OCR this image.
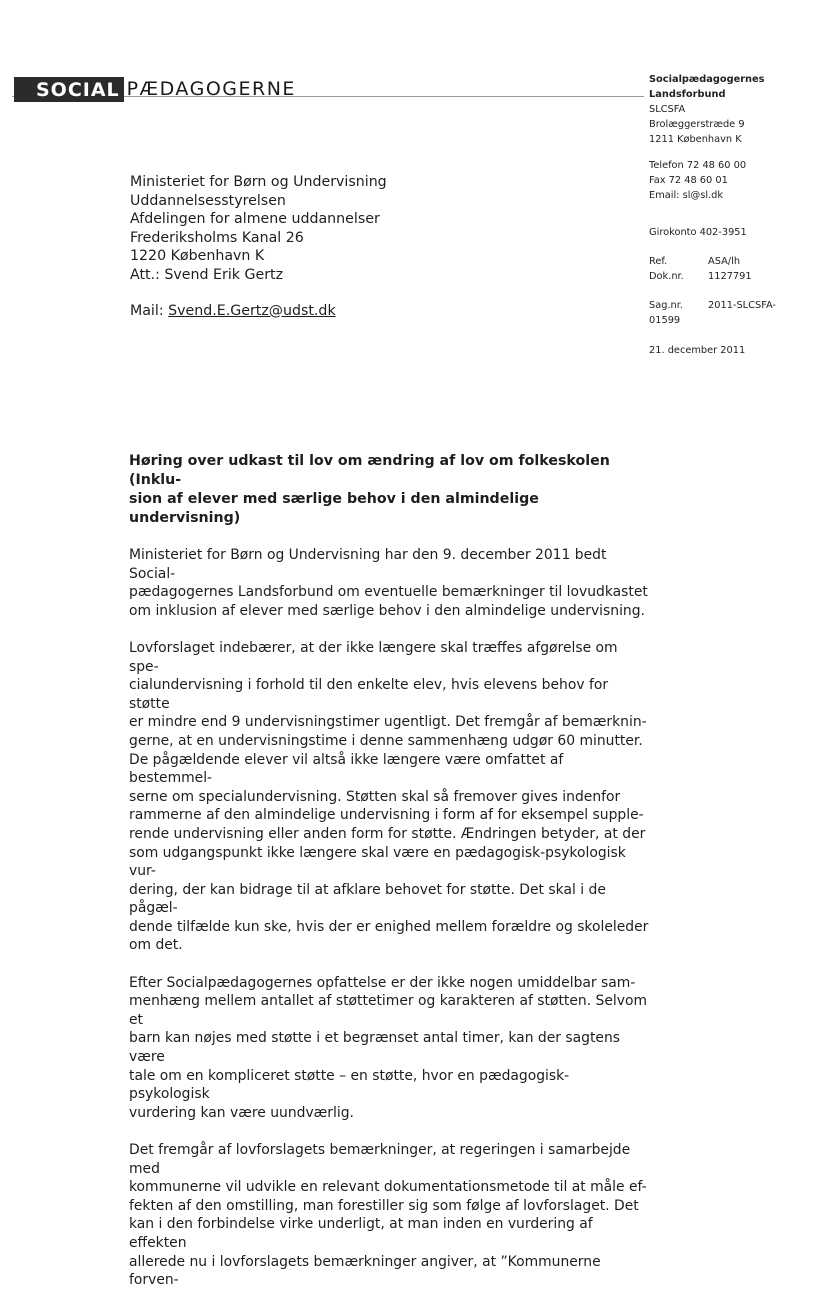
SOCIAL PÆDAGOGERNE	Socialpædagogernes
Landsforbund
SLCSFA
Brolæggerstræde 9
1211 København K
Telefon 72 48 60 00
Fax 72 48 60 01
Email: sl@sl.dk
Girokonto 402-3951
Ref.	ASA/lh
Dok.nr.	1127791
Sag.nr.	2011-SLCSFA-
01599
21. december 2011
Ministeriet for Børn og Undervisning
Uddannelsesstyrelsen
Afdelingen for almene uddannelser
Frederiksholms Kanal 26
1220 København K
Att.: Svend Erik Gertz
Mail: Svend.E.Gertz@udst.dk
Høring over udkast til lov om ændring af lov om folkeskolen (Inklu-
sion af elever med særlige behov i den almindelige undervisning)

Ministeriet for Børn og Undervisning har den 9. december 2011 bedt Social-
pædagogernes Landsforbund om eventuelle bemærkninger til lovudkastet
om inklusion af elever med særlige behov i den almindelige undervisning.

Lovforslaget indebærer, at der ikke længere skal træffes afgørelse om spe-
cialundervisning i forhold til den enkelte elev, hvis elevens behov for støtte
er mindre end 9 undervisningstimer ugentligt. Det fremgår af bemærknin-
gerne, at en undervisningstime i denne sammenhæng udgør 60 minutter.
De pågældende elever vil altså ikke længere være omfattet af bestemmel-
serne om specialundervisning. Støtten skal så fremover gives indenfor
rammerne af den almindelige undervisning i form af for eksempel supple-
rende undervisning eller anden form for støtte. Ændringen betyder, at der
som udgangspunkt ikke længere skal være en pædagogisk-psykologisk vur-
dering, der kan bidrage til at afklare behovet for støtte. Det skal i de pågæl-
dende tilfælde kun ske, hvis der er enighed mellem forældre og skoleleder
om det.

Efter Socialpædagogernes opfattelse er der ikke nogen umiddelbar sam-
menhæng mellem antallet af støttetimer og karakteren af støtten. Selvom et
barn kan nøjes med støtte i et begrænset antal timer, kan der sagtens være
tale om en kompliceret støtte – en støtte, hvor en pædagogisk-psykologisk
vurdering kan være uundværlig.

Det fremgår af lovforslagets bemærkninger, at regeringen i samarbejde med
kommunerne vil udvikle en relevant dokumentationsmetode til at måle ef-
fekten af den omstilling, man forestiller sig som følge af lovforslaget. Det
kan i den forbindelse virke underligt, at man inden en vurdering af effekten
allerede nu i lovforslagets bemærkninger angiver, at ”Kommunerne forven-
